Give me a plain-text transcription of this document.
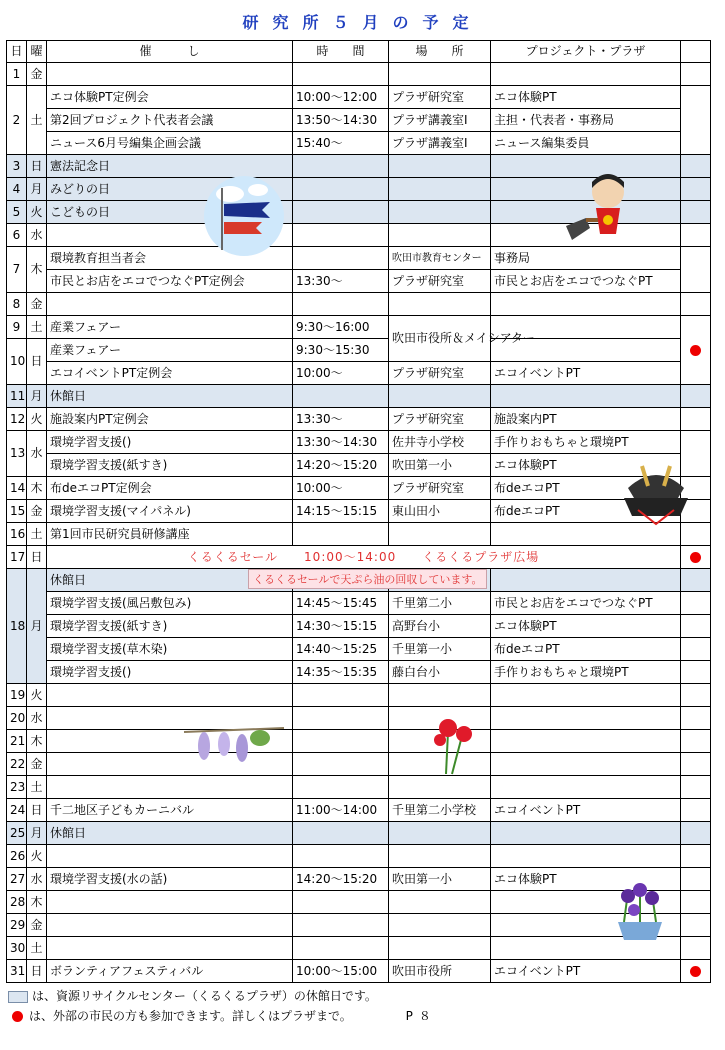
研究所５月の予定
日	曜	催　　　し	時　　間	場　　所	プロジェクト・プラザ	
1	金					
2	土	エコ体験PT定例会	10:00～12:00	プラザ研究室	エコ体験PT	
		第2回プロジェクト代表者会議	13:50～14:30	プラザ講義室Ⅰ	主担・代表者・事務局	
		ニュース6月号編集企画会議	15:40～	プラザ講義室Ⅰ	ニュース編集委員	
3	日	憲法記念日				
4	月	みどりの日				
5	火	こどもの日				
6	水					
7	木	環境教育担当者会		吹田市教育センター	事務局	
		市民とお店をエコでつなぐPT定例会	13:30～	プラザ研究室	市民とお店をエコでつなぐPT	
8	金					
9	土	産業フェアー	9:30～16:00	吹田市役所＆メイシアター		
10	日	産業フェアー	9:30～15:30			
		エコイベントPT定例会	10:00～	プラザ研究室	エコイベントPT	
11	月	休館日				
12	火	施設案内PT定例会	13:30～	プラザ研究室	施設案内PT	
13	水	環境学習支援()	13:30～14:30	佐井寺小学校	手作りおもちゃと環境PT	
		環境学習支援(紙すき)	14:20～15:20	吹田第一小	エコ体験PT	
14	木	布deエコPT定例会	10:00～	プラザ研究室	布deエコPT	
15	金	環境学習支援(マイパネル)	14:15～15:15	東山田小	布deエコPT	
16	土	第1回市民研究員研修講座				
17	日	くるくるセール　　10:00～14:00　　くるくるプラザ広場				
18	月	休館日				
		環境学習支援(風呂敷包み)	14:45～15:45	千里第二小	市民とお店をエコでつなぐPT	
		環境学習支援(紙すき)	14:30～15:15	高野台小	エコ体験PT	
		環境学習支援(草木染)	14:40～15:25	千里第一小	布deエコPT	
		環境学習支援()	14:35～15:35	藤白台小	手作りおもちゃと環境PT	
19	火					
20	水					
21	木					
22	金					
23	土					
24	日	千二地区子どもカーニバル	11:00～14:00	千里第二小学校	エコイベントPT	
25	月	休館日				
26	火					
27	水	環境学習支援(水の話)	14:20～15:20	吹田第一小	エコ体験PT	
28	木					
29	金					
30	土					
31	日	ボランティアフェスティバル	10:00～15:00	吹田市役所	エコイベントPT	
くるくるセールで天ぷら油の回収しています。
は、資源リサイクルセンター（くるくるプラザ）の休館日です。
は、外部の市民の方も参加できます。詳しくはプラザまで。	P８
